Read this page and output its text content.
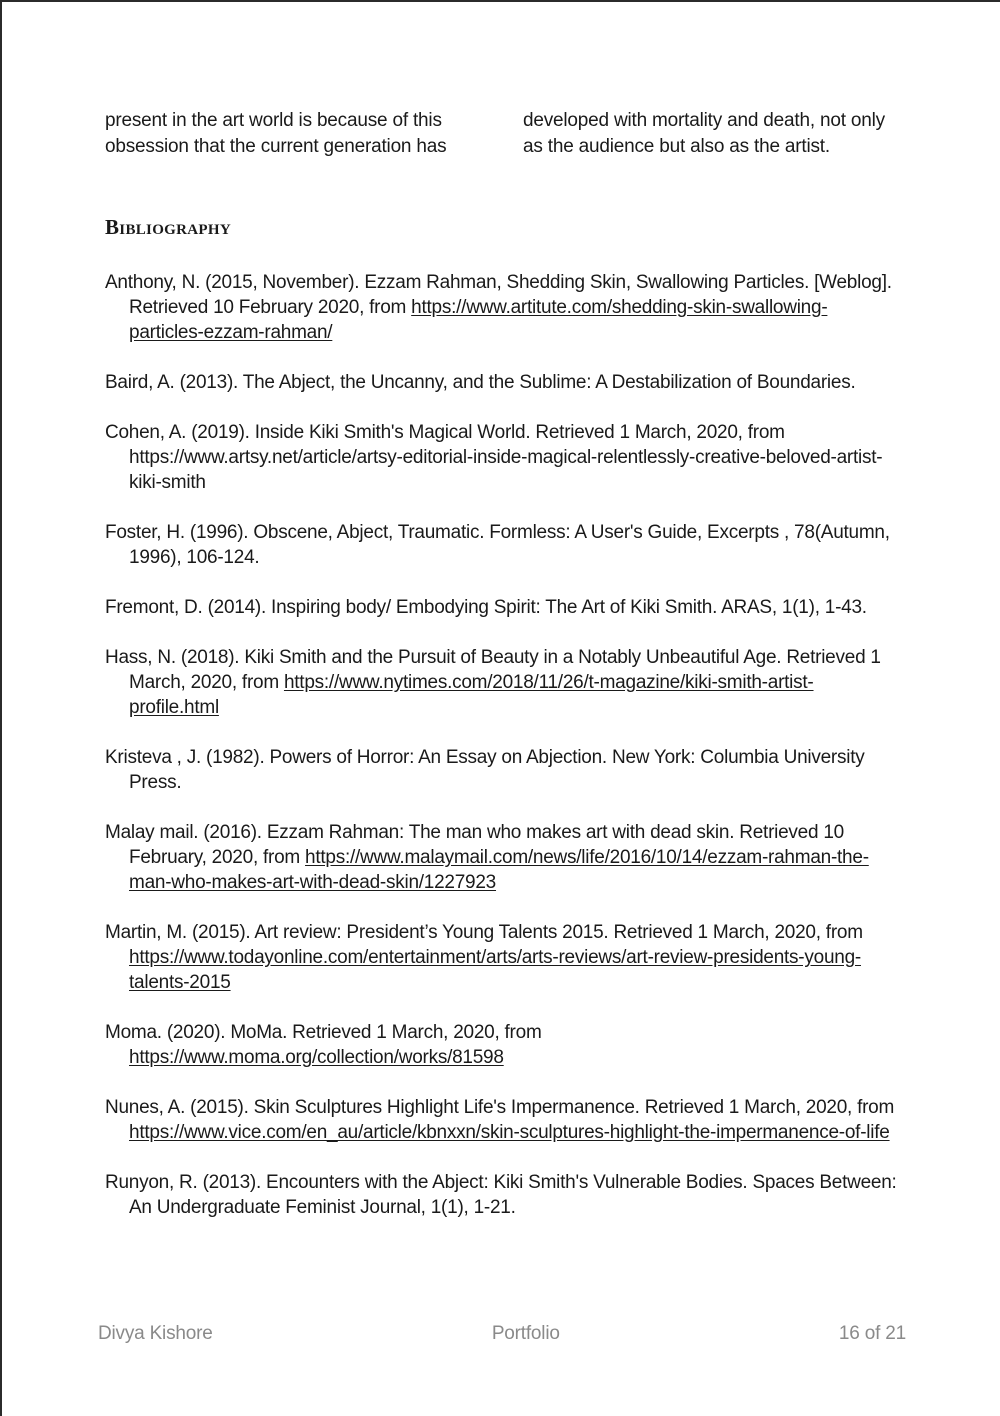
present in the art world is because of this obsession that the current generation has
developed with mortality and death, not only as the audience but also as the artist.
Bibliography
Anthony, N. (2015, November). Ezzam Rahman, Shedding Skin, Swallowing Particles. [Weblog]. Retrieved 10 February 2020, from https://www.artitute.com/shedding-skin-swallowing-particles-ezzam-rahman/
Baird, A. (2013). The Abject, the Uncanny, and the Sublime: A Destabilization of Boundaries.
Cohen, A. (2019). Inside Kiki Smith's Magical World. Retrieved 1 March, 2020, from https://www.artsy.net/article/artsy-editorial-inside-magical-relentlessly-creative-beloved-artist-kiki-smith
Foster, H. (1996). Obscene, Abject, Traumatic. Formless: A User's Guide, Excerpts , 78(Autumn, 1996), 106-124.
Fremont, D. (2014). Inspiring body/ Embodying Spirit: The Art of Kiki Smith. ARAS, 1(1), 1-43.
Hass, N. (2018). Kiki Smith and the Pursuit of Beauty in a Notably Unbeautiful Age. Retrieved 1 March, 2020, from https://www.nytimes.com/2018/11/26/t-magazine/kiki-smith-artist-profile.html
Kristeva , J. (1982). Powers of Horror: An Essay on Abjection. New York: Columbia University Press.
Malay mail. (2016). Ezzam Rahman: The man who makes art with dead skin. Retrieved 10 February, 2020, from https://www.malaymail.com/news/life/2016/10/14/ezzam-rahman-the-man-who-makes-art-with-dead-skin/1227923
Martin, M. (2015). Art review: President’s Young Talents 2015. Retrieved 1 March, 2020, from https://www.todayonline.com/entertainment/arts/arts-reviews/art-review-presidents-young-talents-2015
Moma. (2020). MoMa. Retrieved 1 March, 2020, from https://www.moma.org/collection/works/81598
Nunes, A. (2015). Skin Sculptures Highlight Life's Impermanence. Retrieved 1 March, 2020, from https://www.vice.com/en_au/article/kbnxxn/skin-sculptures-highlight-the-impermanence-of-life
Runyon, R. (2013). Encounters with the Abject: Kiki Smith's Vulnerable Bodies. Spaces Between: An Undergraduate Feminist Journal, 1(1), 1-21.
Divya Kishore	Portfolio	16 of 21
